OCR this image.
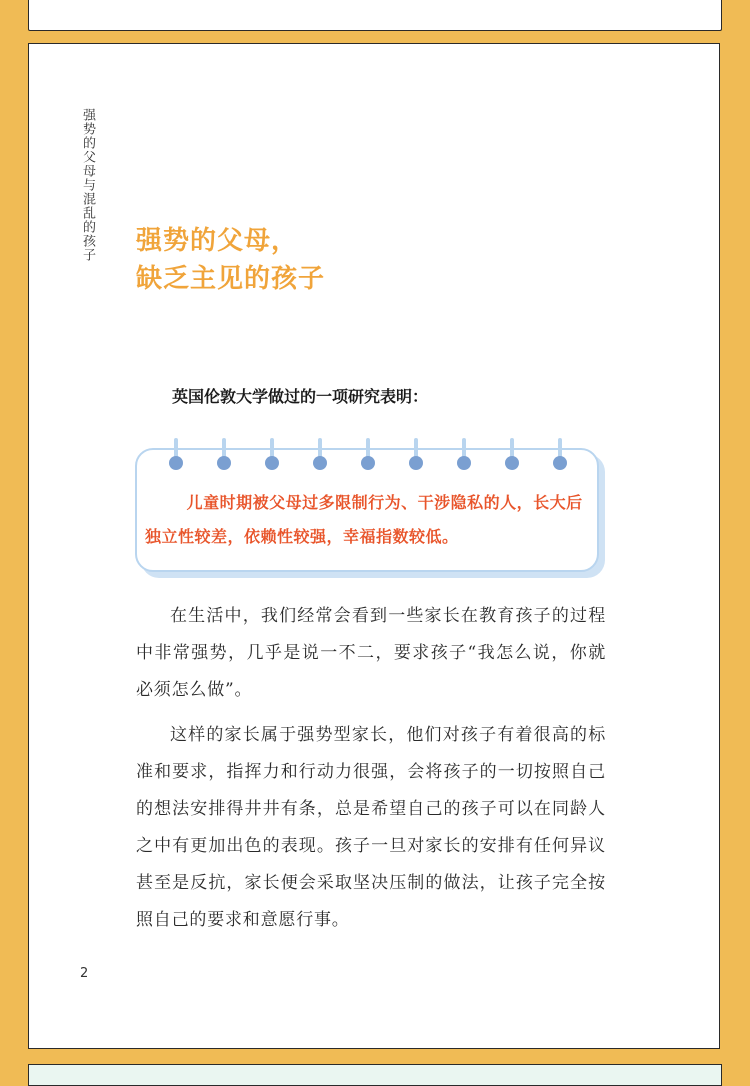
强势的父母与混乱的孩子 强势的父母，
缺乏主见的孩子
英国伦敦大学做过的一项研究表明：
儿童时期被父母过多限制行为、干涉隐私的人，长大后独立性较差，依赖性较强，幸福指数较低。

在生活中，我们经常会看到一些家长在教育孩子的过程中非常强势，几乎是说一不二，要求孩子“我怎么说，你就必须怎么做”。

这样的家长属于强势型家长，他们对孩子有着很高的标准和要求，指挥力和行动力很强，会将孩子的一切按照自己的想法安排得井井有条，总是希望自己的孩子可以在同龄人之中有更加出色的表现。孩子一旦对家长的安排有任何异议甚至是反抗，家长便会采取坚决压制的做法，让孩子完全按照自己的要求和意愿行事。

2
